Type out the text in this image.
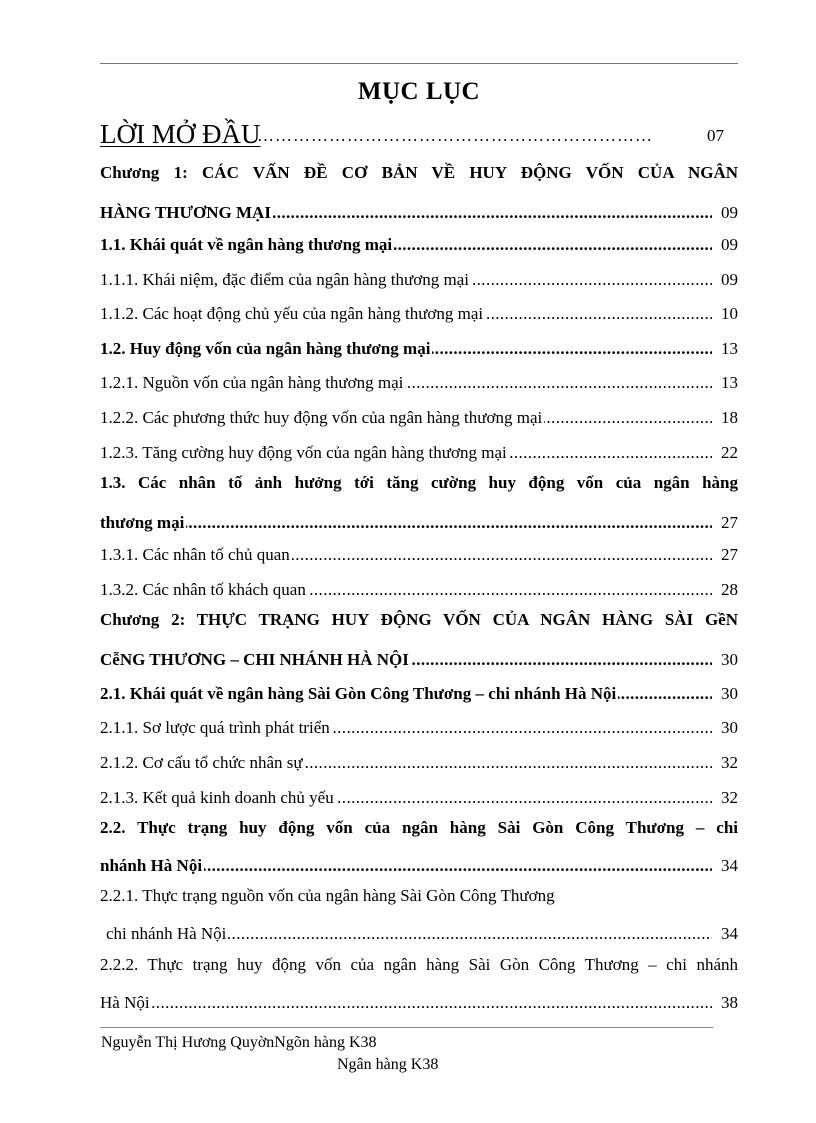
MỤC LỤC
LỜI MỞ ĐẦU
…………………………………………………………	07
Chương 1: CÁC VẤN ĐỀ CƠ BẢN VỀ HUY ĐỘNG VỐN CỦA NGÂN
.....
HÀNG THƯƠNG MẠI	09
.....
1.1. Khái quát về ngân hàng thương mại	09
.....
1.1.1. Khái niệm, đặc điểm của ngân hàng thương mại	09
.....
1.1.2. Các hoạt động chủ yếu của ngân hàng thương mại	10
.....
1.2. Huy động vốn của ngân hàng thương mại	13
.....
1.2.1. Nguồn vốn của ngân hàng thương mại	13
.....
1.2.2. Các phương thức huy động vốn của ngân hàng thương mại	18
.....
1.2.3. Tăng cường huy động vốn của ngân hàng thương mại	22
1.3. Các nhân tố ảnh hưởng tới tăng cường huy động vốn của ngân hàng
.....
thương mại	27
.....
1.3.1. Các nhân tố chủ quan	27
.....
1.3.2. Các nhân tố khách quan	28
Chương 2: THỰC TRẠNG HUY ĐỘNG VỐN CỦA NGÂN HÀNG SÀI GềN
.....
CễNG THƯƠNG – CHI NHÁNH HÀ NỘI	30
.....
2.1. Khái quát về ngân hàng Sài Gòn Công Thương – chi nhánh Hà Nội	30
.....
2.1.1. Sơ lược quá trình phát triển	30
.....
2.1.2. Cơ cấu tổ chức nhân sự	32
.....
2.1.3. Kết quả kinh doanh chủ yếu	32
2.2. Thực trạng huy động vốn của ngân hàng Sài Gòn Công Thương – chi
.....
nhánh Hà Nội	34
2.2.1. Thực trạng nguồn vốn của ngân hàng Sài Gòn Công Thương
.....
chi nhánh Hà Nội	34
2.2.2. Thực trạng huy động vốn của ngân hàng Sài Gòn Công Thương – chi nhánh
.....
Hà Nội	38
Nguyễn Thị Hương QuyờnNgõn hàng K38
Ngân hàng K38
